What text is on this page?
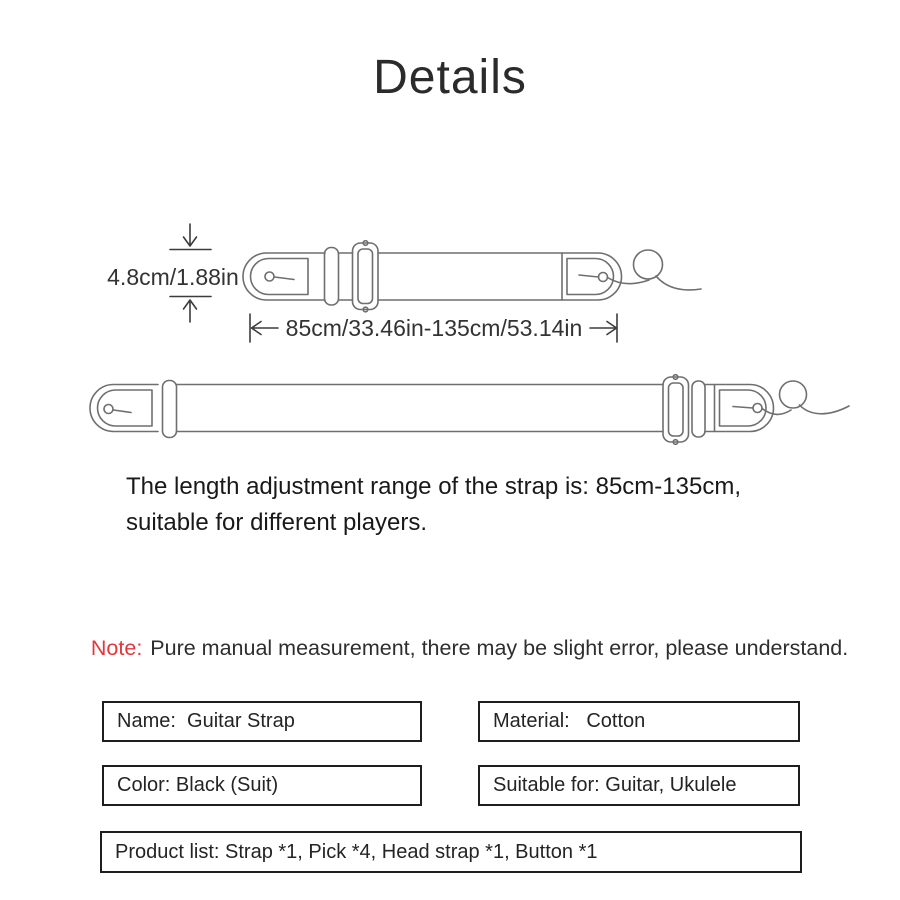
Details
4.8cm/1.88in
85cm/33.46in-135cm/53.14in
The length adjustment range of the strap is: 85cm-135cm,
suitable for different players.

Note: Pure manual measurement, there may be slight error, please understand.

Name:  Guitar Strap	Material:   Cotton
Color: Black (Suit)	Suitable for: Guitar, Ukulele
Product list: Strap *1, Pick *4, Head strap *1, Button *1
